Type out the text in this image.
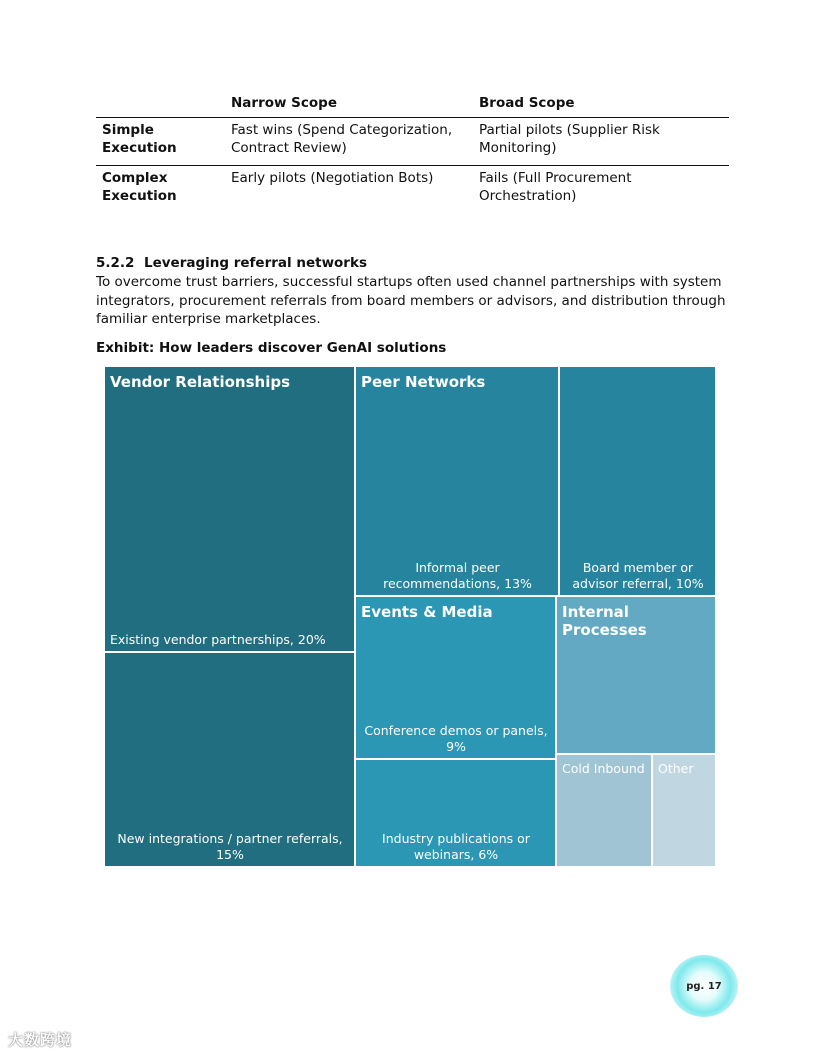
	Narrow Scope	Broad Scope
Simple Execution	Fast wins (Spend Categorization, Contract Review)	Partial pilots (Supplier Risk Monitoring)
Complex Execution	Early pilots (Negotiation Bots)	Fails (Full Procurement Orchestration)
5.2.2 Leveraging referral networks
To overcome trust barriers, successful startups often used channel partnerships with system integrators, procurement referrals from board members or advisors, and distribution through familiar enterprise marketplaces.
Exhibit: How leaders discover GenAI solutions
Vendor Relationships
Existing vendor partnerships, 20%
New integrations / partner referrals, 15%
Peer Networks
Informal peer recommendations, 13%
Board member or advisor referral, 10%
Events & Media
Conference demos or panels, 9%
Industry publications or webinars, 6%
Internal Processes
Cold Inbound Other
pg. 17
大数跨境
